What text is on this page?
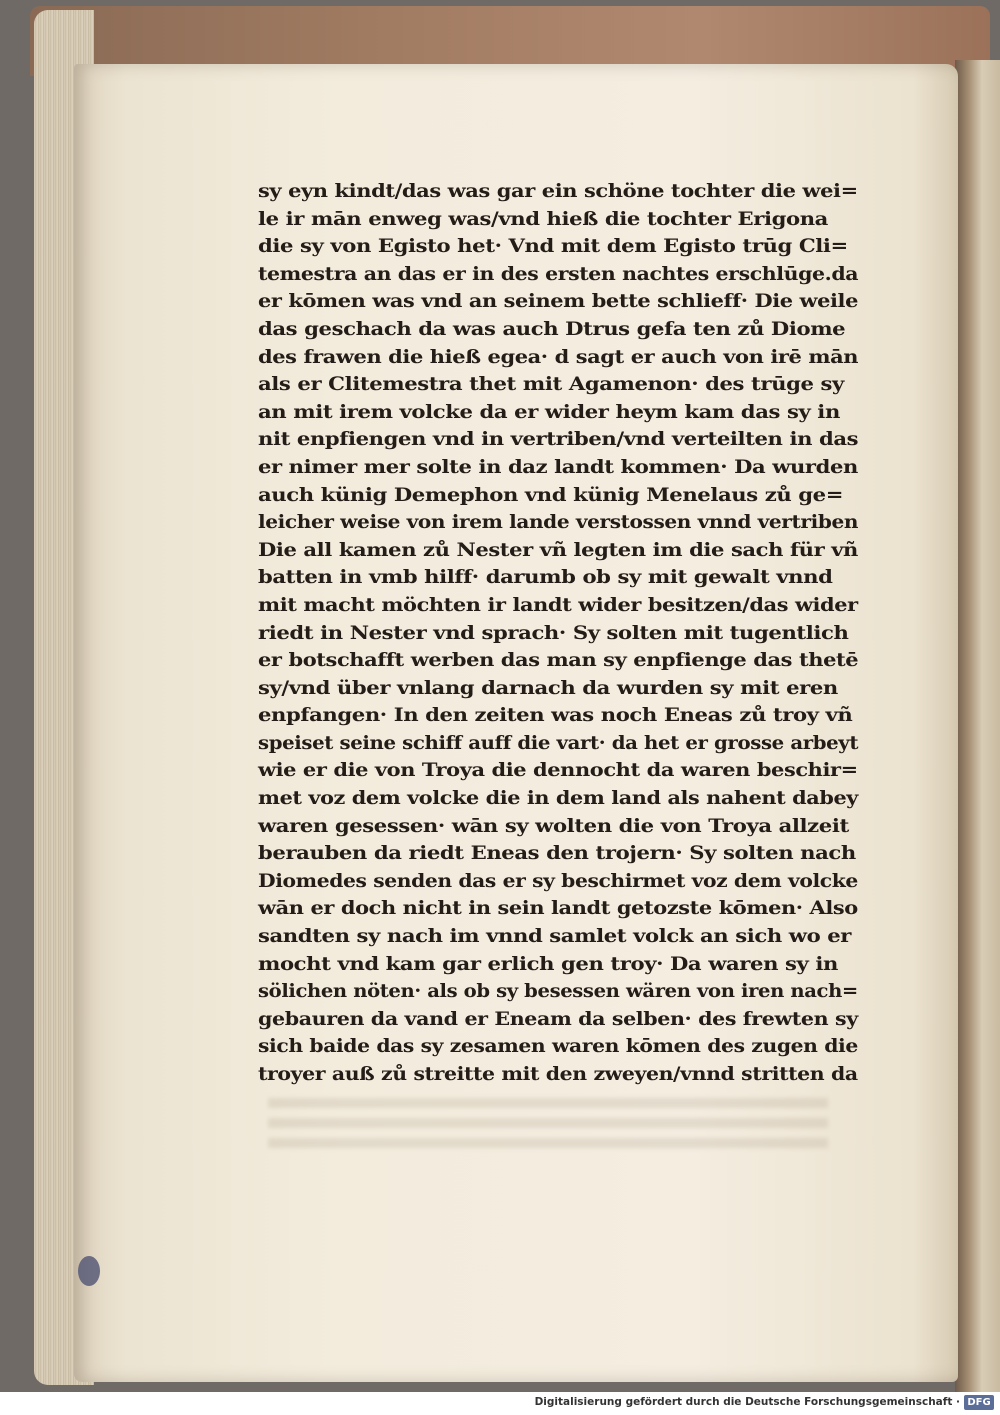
sy eyn kindt/das was gar ein schöne tochter die wei=
le ir mān enweg was/vnd hieß die tochter Erigona
die sy von Egisto het· Vnd mit dem Egisto trūg Cli=
temestra an das er in des ersten nachtes erschlūge.da
er kōmen was vnd an seinem bette schlieff· Die weile
das geschach da was auch Dtrus gefa ten zů Diome
des frawen die hieß egea· d sagt er auch von irē mān
als er Clitemestra thet mit Agamenon· des trūge sy
an mit irem volcke da er wider heym kam das sy in
nit enpfiengen vnd in vertriben/vnd verteilten in das
er nimer mer solte in daz landt kommen· Da wurden
auch künig Demephon vnd künig Menelaus zů ge=
leicher weise von irem lande verstossen vnnd vertriben
Die all kamen zů Nester vñ legten im die sach für vñ
batten in vmb hilff· darumb ob sy mit gewalt vnnd
mit macht möchten ir landt wider besitzen/das wider
riedt in Nester vnd sprach· Sy solten mit tugentlich
er botschafft werben das man sy enpfienge das thetē
sy/vnd über vnlang darnach da wurden sy mit eren
enpfangen· In den zeiten was noch Eneas zů troy vñ
speiset seine schiff auff die vart· da het er grosse arbeyt
wie er die von Troya die dennocht da waren beschir=
met voz dem volcke die in dem land als nahent dabey
waren gesessen· wān sy wolten die von Troya allzeit
berauben da riedt Eneas den trojern· Sy solten nach
Diomedes senden das er sy beschirmet voz dem volcke
wān er doch nicht in sein landt getozste kōmen· Also
sandten sy nach im vnnd samlet volck an sich wo er
mocht vnd kam gar erlich gen troy· Da waren sy in
sölichen nöten· als ob sy besessen wären von iren nach=
gebauren da vand er Eneam da selben· des frewten sy
sich baide das sy zesamen waren kōmen des zugen die
troyer auß zů streitte mit den zweyen/vnnd stritten da
Digitalisierung gefördert durch die Deutsche Forschungsgemeinschaft · DFG
